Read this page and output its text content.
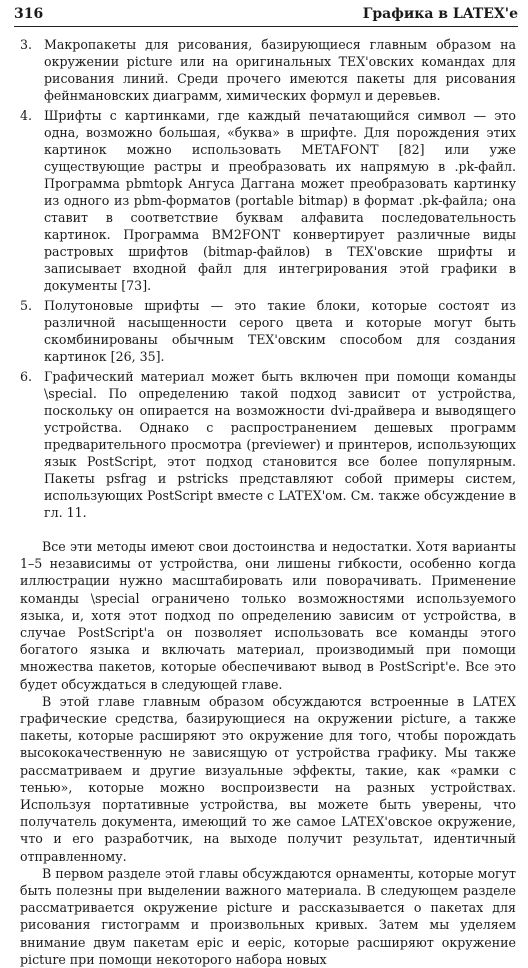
316	Графика в LATEX'е
3. Макропакеты для рисования, базирующиеся главным образом на окружении picture или на оригинальных TEX'овских командах для рисования линий. Среди прочего имеются пакеты для рисования фейнмановских диаграмм, химических формул и деревьев.
4. Шрифты с картинками, где каждый печатающийся символ — это одна, возможно большая, «буква» в шрифте. Для порождения этих картинок можно использовать METAFONT [82] или уже существующие растры и преобразовать их напрямую в .pk-файл. Программа pbmtopk Ангуса Даггана может преобразовать картинку из одного из pbm-форматов (portable bitmap) в формат .pk-файла; она ставит в соответствие буквам алфавита последовательность картинок. Программа BM2FONT конвертирует различные виды растровых шрифтов (bitmap-файлов) в TEX'овские шрифты и записывает входной файл для интегрирования этой графики в документы [73].
5. Полутоновые шрифты — это такие блоки, которые состоят из различной насыщенности серого цвета и которые могут быть скомбинированы обычным TEX'овским способом для создания картинок [26, 35].
6. Графический материал может быть включен при помощи команды \special. По определению такой подход зависит от устройства, поскольку он опирается на возможности dvi-драйвера и выводящего устройства. Однако с распространением дешевых программ предварительного просмотра (previewer) и принтеров, использующих язык PostScript, этот подход становится все более популярным. Пакеты psfrag и pstricks представляют собой примеры систем, использующих PostScript вместе с LATEX'ом. См. также обсуждение в гл. 11.

Все эти методы имеют свои достоинства и недостатки. Хотя варианты 1–5 независимы от устройства, они лишены гибкости, особенно когда иллюстрации нужно масштабировать или поворачивать. Применение команды \special ограничено только возможностями используемого языка, и, хотя этот подход по определению зависим от устройства, в случае PostScript'а он позволяет использовать все команды этого богатого языка и включать материал, производимый при помощи множества пакетов, которые обеспечивают вывод в PostScript'е. Все это будет обсуждаться в следующей главе.

В этой главе главным образом обсуждаются встроенные в LATEX графические средства, базирующиеся на окружении picture, а также пакеты, которые расширяют это окружение для того, чтобы порождать высококачественную не зависящую от устройства графику. Мы также рассматриваем и другие визуальные эффекты, такие, как «рамки с тенью», которые можно воспроизвести на разных устройствах. Используя портативные устройства, вы можете быть уверены, что получатель документа, имеющий то же самое LATEX'овское окружение, что и его разработчик, на выходе получит результат, идентичный отправленному.

В первом разделе этой главы обсуждаются орнаменты, которые могут быть полезны при выделении важного материала. В следующем разделе рассматривается окружение picture и рассказывается о пакетах для рисования гистограмм и произвольных кривых. Затем мы уделяем внимание двум пакетам epic и eepic, которые расширяют окружение picture при помощи некоторого набора новых
